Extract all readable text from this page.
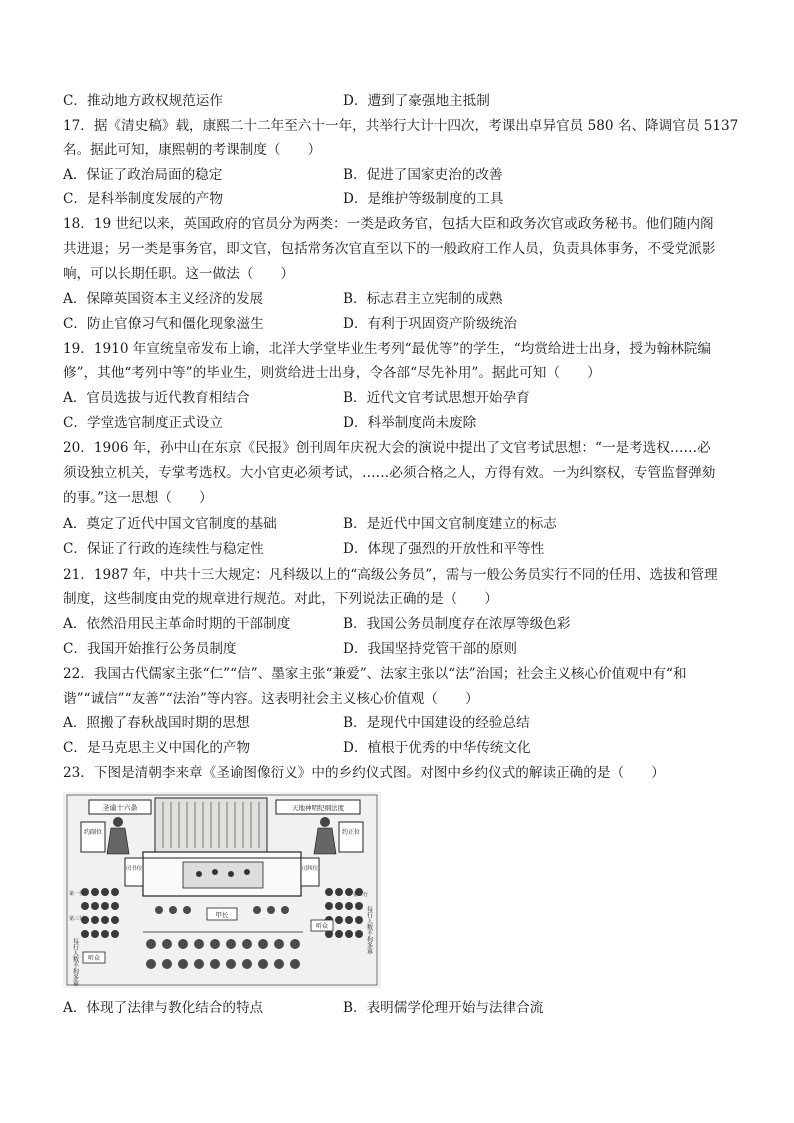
C．推动地方政权规范运作	D．遭到了豪强地主抵制
17．据《清史稿》载，康熙二十二年至六十一年，共举行大计十四次，考课出卓异官员 580 名、降调官员 5137
名。据此可知，康熙朝的考课制度（　　）
A．保证了政治局面的稳定	B．促进了国家吏治的改善
C．是科举制度发展的产物	D．是维护等级制度的工具
18．19 世纪以来，英国政府的官员分为两类：一类是政务官，包括大臣和政务次官或政务秘书。他们随内阁
共进退；另一类是事务官，即文官，包括常务次官直至以下的一般政府工作人员，负责具体事务，不受党派影
响，可以长期任职。这一做法（　　）
A．保障英国资本主义经济的发展	B．标志君主立宪制的成熟
C．防止官僚习气和僵化现象滋生	D．有利于巩固资产阶级统治
19．1910 年宣统皇帝发布上谕，北洋大学堂毕业生考列“最优等”的学生，“均赏给进士出身，授为翰林院编
修”，其他“考列中等”的毕业生，则赏给进士出身，令各部“尽先补用”。据此可知（　　）
A．官员选拔与近代教育相结合	B．近代文官考试思想开始孕育
C．学堂选官制度正式设立	D．科举制度尚未废除
20．1906 年，孙中山在东京《民报》创刊周年庆祝大会的演说中提出了文官考试思想：“一是考选权……必
须设独立机关，专掌考选权。大小官吏必须考试，……必须合格之人，方得有效。一为纠察权，专管监督弹劾
的事。”这一思想（　　）
A．奠定了近代中国文官制度的基础	B．是近代中国文官制度建立的标志
C．保证了行政的连续性与稳定性	D．体现了强烈的开放性和平等性
21．1987 年，中共十三大规定：凡科级以上的“高级公务员”，需与一般公务员实行不同的任用、选拔和管理
制度，这些制度由党的规章进行规范。对此，下列说法正确的是（　　）
A．依然沿用民主革命时期的干部制度	B．我国公务员制度存在浓厚等级色彩
C．我国开始推行公务员制度	D．我国坚持党管干部的原则
22．我国古代儒家主张“仁”“信”、墨家主张“兼爱”、法家主张以“法”治国；社会主义核心价值观中有“和
谐”“诚信”“友善”“法治”等内容。这表明社会主义核心价值观（　　）
A．照搬了春秋战国时期的思想	B．是现代中国建设的经验总结
C．是马克思主义中国化的产物	D．植根于优秀的中华传统文化
23．下图是清朝李来章《圣谕图像衍义》中的乡约仪式图。对图中乡约仪式的解读正确的是（　　）
圣谕十六条	天地神明纪纲法度
约副位	约正位
司书位	司纠位
甲长
第一行	第二行
第三行
每行人数不拘多寡
每行人数不拘多寡
听众
听众
A．体现了法律与教化结合的特点	B．表明儒学伦理开始与法律合流
